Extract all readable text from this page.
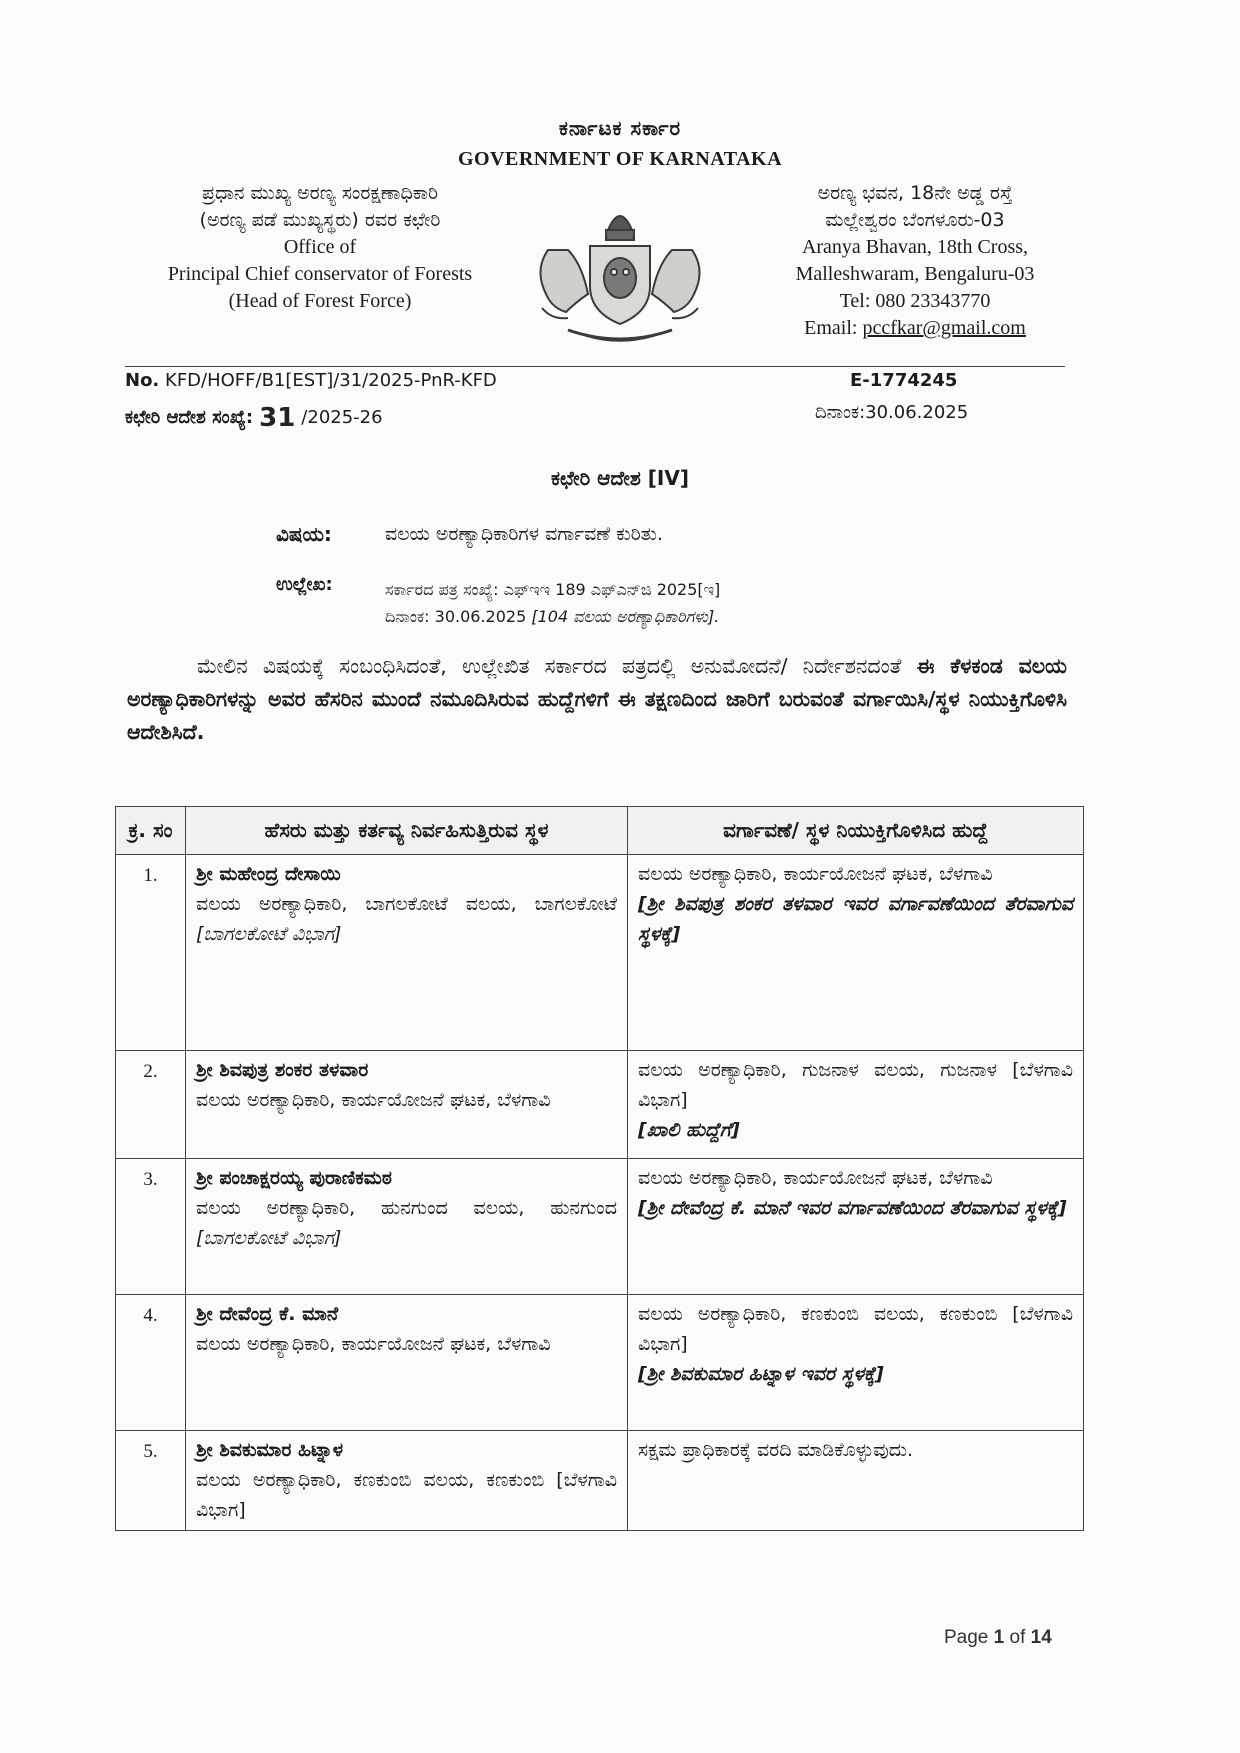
ಕರ್ನಾಟಕ ಸರ್ಕಾರ
GOVERNMENT OF KARNATAKA
ಪ್ರಧಾನ ಮುಖ್ಯ ಅರಣ್ಯ ಸಂರಕ್ಷಣಾಧಿಕಾರಿ
(ಅರಣ್ಯ ಪಡೆ ಮುಖ್ಯಸ್ಥರು) ರವರ ಕಛೇರಿ
Office of
Principal Chief conservator of Forests
(Head of Forest Force)
ಅರಣ್ಯ ಭವನ, 18ನೇ ಅಡ್ಡ ರಸ್ತೆ
ಮಲ್ಲೇಶ್ವರಂ ಬೆಂಗಳೂರು-03
Aranya Bhavan, 18th Cross,
Malleshwaram, Bengaluru-03
Tel: 080 23343770
Email: pccfkar@gmail.com
No. KFD/HOFF/B1[EST]/31/2025-PnR-KFD	E-1774245
ಕಛೇರಿ ಆದೇಶ ಸಂಖ್ಯೆ: 31 /2025-26	ದಿನಾಂಕ:30.06.2025
ಕಛೇರಿ ಆದೇಶ [IV]
ವಿಷಯ:	ವಲಯ ಅರಣ್ಯಾಧಿಕಾರಿಗಳ ವರ್ಗಾವಣೆ ಕುರಿತು.
ಉಲ್ಲೇಖ:	ಸರ್ಕಾರದ ಪತ್ರ ಸಂಖ್ಯೆ: ಎಫ್‌ಇಇ 189 ಎಫ್‌ಎನ್‌ಜಿ 2025[ಇ]
ದಿನಾಂಕ: 30.06.2025 [104 ವಲಯ ಅರಣ್ಯಾಧಿಕಾರಿಗಳು].
ಮೇಲಿನ ವಿಷಯಕ್ಕೆ ಸಂಬಂಧಿಸಿದಂತೆ, ಉಲ್ಲೇಖಿತ ಸರ್ಕಾರದ ಪತ್ರದಲ್ಲಿ ಅನುಮೋದನೆ/ ನಿರ್ದೇಶನದಂತೆ ಈ ಕೆಳಕಂಡ ವಲಯ ಅರಣ್ಯಾಧಿಕಾರಿಗಳನ್ನು ಅವರ ಹೆಸರಿನ ಮುಂದೆ ನಮೂದಿಸಿರುವ ಹುದ್ದೆಗಳಿಗೆ ಈ ತಕ್ಷಣದಿಂದ ಜಾರಿಗೆ ಬರುವಂತೆ ವರ್ಗಾಯಿಸಿ/ಸ್ಥಳ ನಿಯುಕ್ತಿಗೊಳಿಸಿ ಆದೇಶಿಸಿದೆ.
ಕ್ರ. ಸಂ	ಹೆಸರು ಮತ್ತು ಕರ್ತವ್ಯ ನಿರ್ವಹಿಸುತ್ತಿರುವ ಸ್ಥಳ	ವರ್ಗಾವಣೆ/ ಸ್ಥಳ ನಿಯುಕ್ತಿಗೊಳಿಸಿದ ಹುದ್ದೆ
1.	ಶ್ರೀ ಮಹೇಂದ್ರ ದೇಸಾಯಿ
ವಲಯ ಅರಣ್ಯಾಧಿಕಾರಿ, ಬಾಗಲಕೋಟೆ ವಲಯ, ಬಾಗಲಕೋಟೆ [ಬಾಗಲಕೋಟೆ ವಿಭಾಗ]	ವಲಯ ಅರಣ್ಯಾಧಿಕಾರಿ, ಕಾರ್ಯಯೋಜನೆ ಘಟಕ, ಬೆಳಗಾವಿ
[ಶ್ರೀ ಶಿವಪುತ್ರ ಶಂಕರ ತಳವಾರ ಇವರ ವರ್ಗಾವಣೆಯಿಂದ ತೆರವಾಗುವ ಸ್ಥಳಕ್ಕೆ]

2.	ಶ್ರೀ ಶಿವಪುತ್ರ ಶಂಕರ ತಳವಾರ
ವಲಯ ಅರಣ್ಯಾಧಿಕಾರಿ, ಕಾರ್ಯಯೋಜನೆ ಘಟಕ, ಬೆಳಗಾವಿ	ವಲಯ ಅರಣ್ಯಾಧಿಕಾರಿ, ಗುಜನಾಳ ವಲಯ, ಗುಜನಾಳ [ಬೆಳಗಾವಿ ವಿಭಾಗ]
[ಖಾಲಿ ಹುದ್ದೆಗೆ]

3.	ಶ್ರೀ ಪಂಚಾಕ್ಷರಯ್ಯ ಪುರಾಣಿಕಮಠ
ವಲಯ ಅರಣ್ಯಾಧಿಕಾರಿ, ಹುನಗುಂದ ವಲಯ, ಹುನಗುಂದ [ಬಾಗಲಕೋಟೆ ವಿಭಾಗ]	ವಲಯ ಅರಣ್ಯಾಧಿಕಾರಿ, ಕಾರ್ಯಯೋಜನೆ ಘಟಕ, ಬೆಳಗಾವಿ
[ಶ್ರೀ ದೇವೆಂದ್ರ ಕೆ. ಮಾನೆ ಇವರ ವರ್ಗಾವಣೆಯಿಂದ ತೆರವಾಗುವ ಸ್ಥಳಕ್ಕೆ]

4.	ಶ್ರೀ ದೇವೆಂದ್ರ ಕೆ. ಮಾನೆ
ವಲಯ ಅರಣ್ಯಾಧಿಕಾರಿ, ಕಾರ್ಯಯೋಜನೆ ಘಟಕ, ಬೆಳಗಾವಿ	ವಲಯ ಅರಣ್ಯಾಧಿಕಾರಿ, ಕಣಕುಂಬಿ ವಲಯ, ಕಣಕುಂಬಿ [ಬೆಳಗಾವಿ ವಿಭಾಗ]
[ಶ್ರೀ ಶಿವಕುಮಾರ ಹಿಟ್ನಾಳ ಇವರ ಸ್ಥಳಕ್ಕೆ]

5.	ಶ್ರೀ ಶಿವಕುಮಾರ ಹಿಟ್ನಾಳ
ವಲಯ ಅರಣ್ಯಾಧಿಕಾರಿ, ಕಣಕುಂಬಿ ವಲಯ, ಕಣಕುಂಬಿ [ಬೆಳಗಾವಿ ವಿಭಾಗ]	ಸಕ್ಷಮ ಪ್ರಾಧಿಕಾರಕ್ಕೆ ವರದಿ ಮಾಡಿಕೊಳ್ಳುವುದು.
Page 1 of 14
